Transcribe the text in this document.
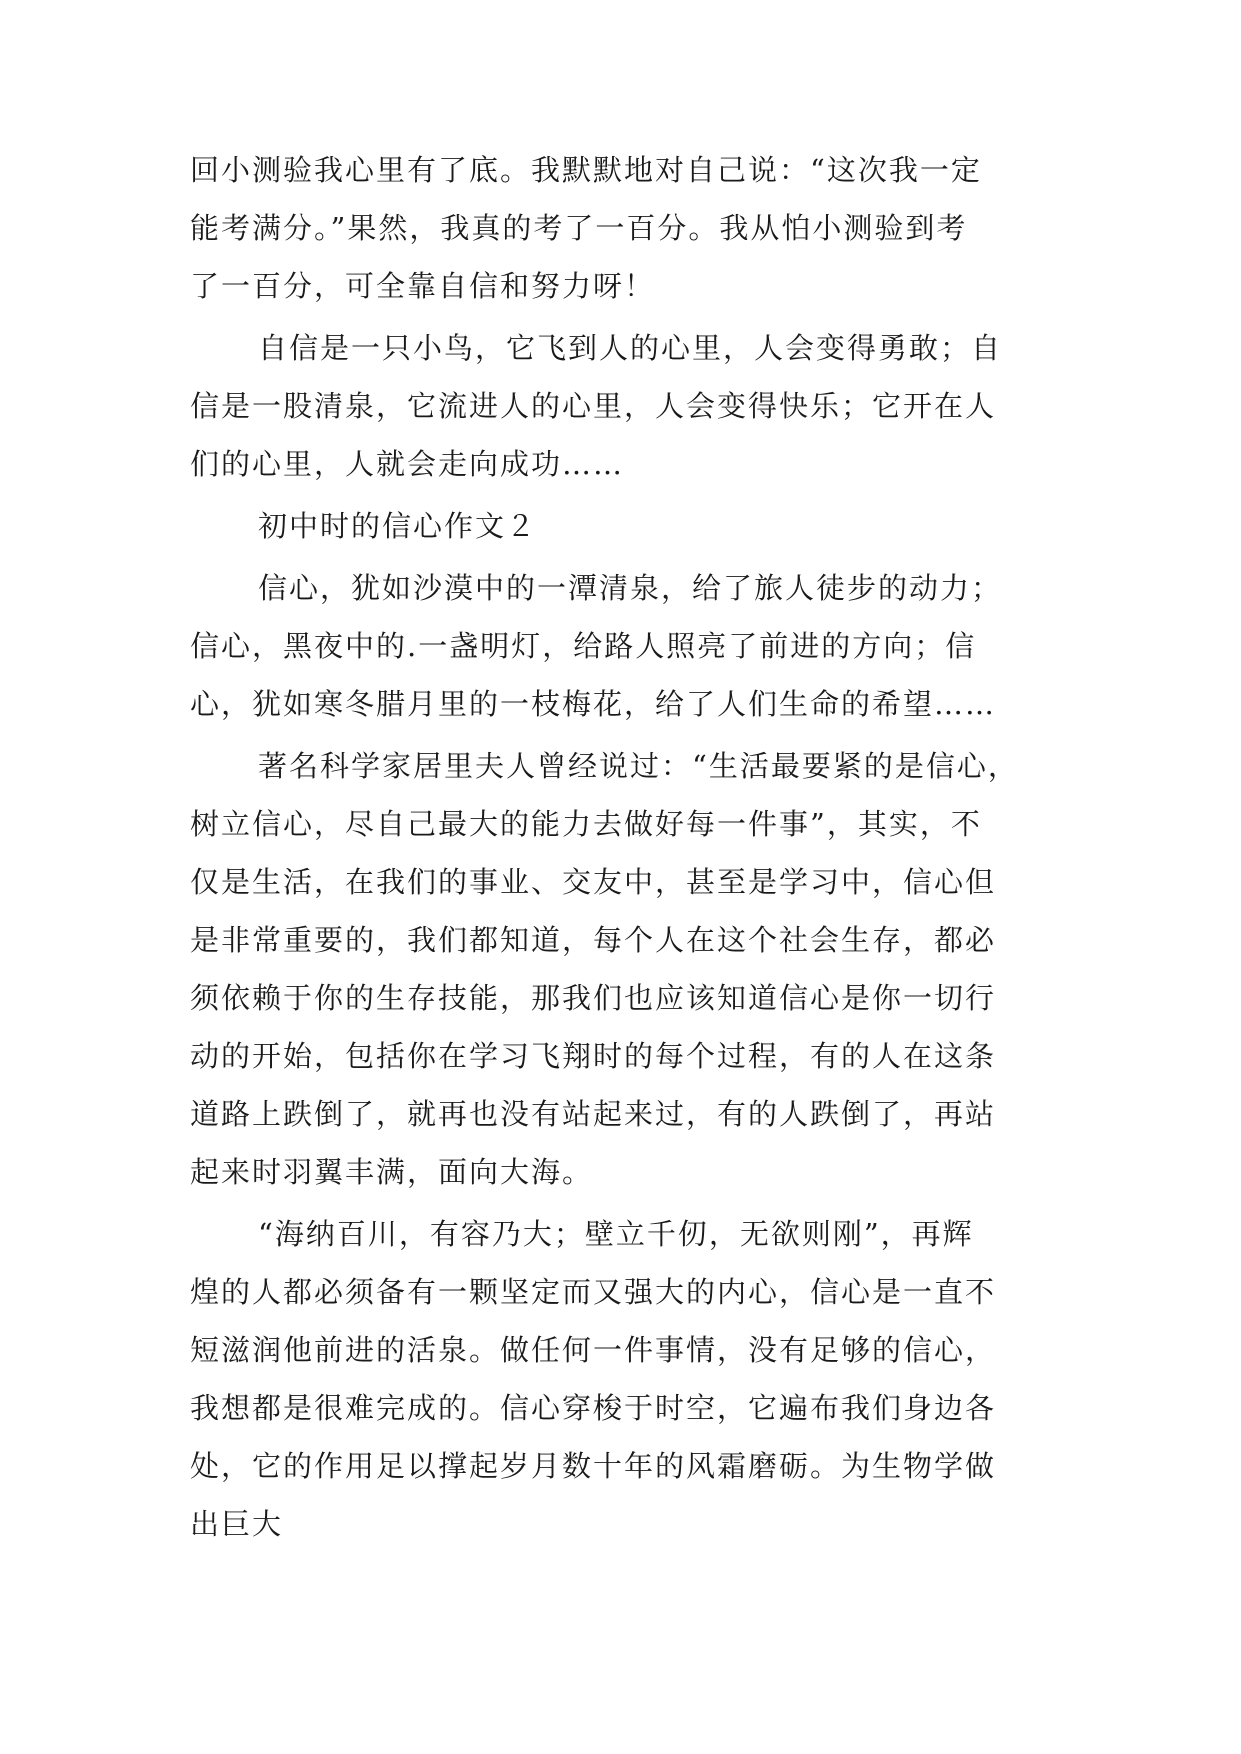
回小测验我心里有了底。我默默地对自己说：“这次我一定
能考满分。”果然，我真的考了一百分。我从怕小测验到考
了一百分，可全靠自信和努力呀！
自信是一只小鸟，它飞到人的心里，人会变得勇敢；自
信是一股清泉，它流进人的心里，人会变得快乐；它开在人
们的心里，人就会走向成功……
初中时的信心作文２
信心，犹如沙漠中的一潭清泉，给了旅人徒步的动力；
信心，黑夜中的.一盏明灯，给路人照亮了前进的方向；信
心，犹如寒冬腊月里的一枝梅花，给了人们生命的希望……
著名科学家居里夫人曾经说过：“生活最要紧的是信心，
树立信心，尽自己最大的能力去做好每一件事”，其实，不
仅是生活，在我们的事业、交友中，甚至是学习中，信心但
是非常重要的，我们都知道，每个人在这个社会生存，都必
须依赖于你的生存技能，那我们也应该知道信心是你一切行
动的开始，包括你在学习飞翔时的每个过程，有的人在这条
道路上跌倒了，就再也没有站起来过，有的人跌倒了，再站
起来时羽翼丰满，面向大海。
“海纳百川，有容乃大；壁立千仞，无欲则刚”，再辉
煌的人都必须备有一颗坚定而又强大的内心，信心是一直不
短滋润他前进的活泉。做任何一件事情，没有足够的信心，
我想都是很难完成的。信心穿梭于时空，它遍布我们身边各
处，它的作用足以撑起岁月数十年的风霜磨砺。为生物学做
出巨大
